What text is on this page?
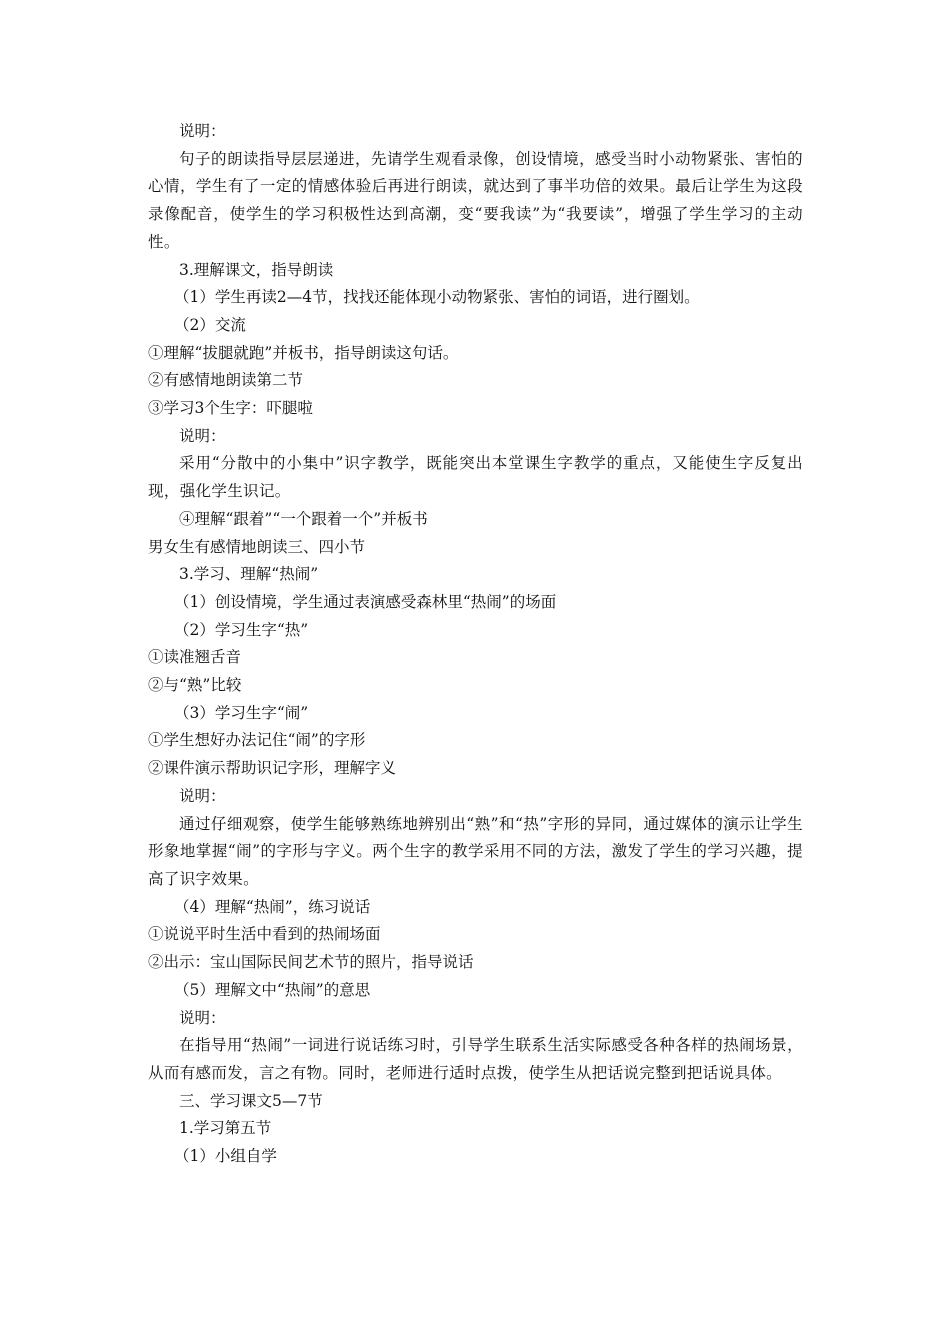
说明：

句子的朗读指导层层递进，先请学生观看录像，创设情境，感受当时小动物紧张、害怕的心情，学生有了一定的情感体验后再进行朗读，就达到了事半功倍的效果。最后让学生为这段录像配音，使学生的学习积极性达到高潮，变“要我读”为“我要读”，增强了学生学习的主动性。

3.理解课文，指导朗读

（1）学生再读2—4节，找找还能体现小动物紧张、害怕的词语，进行圈划。

（2）交流

①理解“拔腿就跑”并板书，指导朗读这句话。

②有感情地朗读第二节

③学习3个生字：吓腿啦

说明：

采用“分散中的小集中”识字教学，既能突出本堂课生字教学的重点，又能使生字反复出现，强化学生识记。

④理解“跟着”“一个跟着一个”并板书

男女生有感情地朗读三、四小节

3.学习、理解“热闹”

（1）创设情境，学生通过表演感受森林里“热闹”的场面

（2）学习生字“热”

①读准翘舌音

②与“熟”比较

（3）学习生字“闹”

①学生想好办法记住“闹”的字形

②课件演示帮助识记字形，理解字义

说明：

通过仔细观察，使学生能够熟练地辨别出“熟”和“热”字形的异同，通过媒体的演示让学生形象地掌握“闹”的字形与字义。两个生字的教学采用不同的方法，激发了学生的学习兴趣，提高了识字效果。

（4）理解“热闹”，练习说话

①说说平时生活中看到的热闹场面

②出示：宝山国际民间艺术节的照片，指导说话

（5）理解文中“热闹”的意思

说明：

在指导用“热闹”一词进行说话练习时，引导学生联系生活实际感受各种各样的热闹场景，从而有感而发，言之有物。同时，老师进行适时点拨，使学生从把话说完整到把话说具体。

三、学习课文5—7节

1.学习第五节

（1）小组自学
